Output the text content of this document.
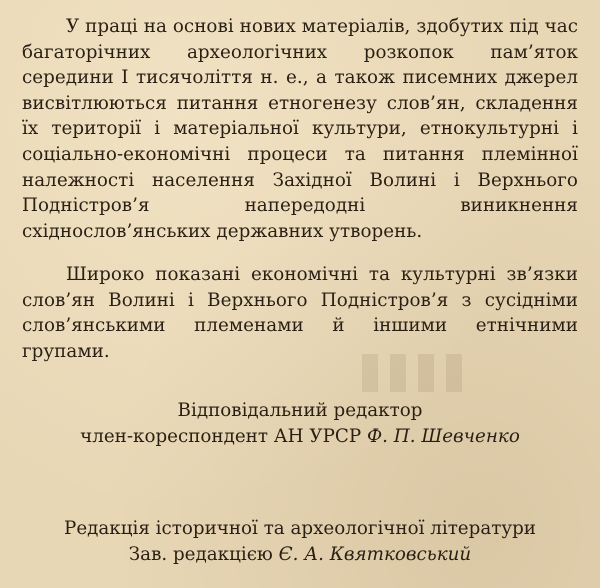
У праці на основі нових матеріалів, здобутих під час багаторічних археологічних розкопок пам’яток середини I тисячоліття н. е., а також писемних джерел висвітлюються питання етногенезу слов’ян, складення їх території і матеріальної культури, етнокультурні і соціально-економічні процеси та питання племінної належності населення Західної Волині і Верхнього Подністров’я напередодні виникнення східнослов’янських державних утворень.

Широко показані економічні та культурні зв’язки слов’ян Волині і Верхнього Подністров’я з сусідніми слов’янськими племенами й іншими етнічними групами.

Відповідальний редактор
член-кореспондент АН УРСР Ф. П. Шевченко
Редакція історичної та археологічної літератури
Зав. редакцією Є. А. Квятковський
